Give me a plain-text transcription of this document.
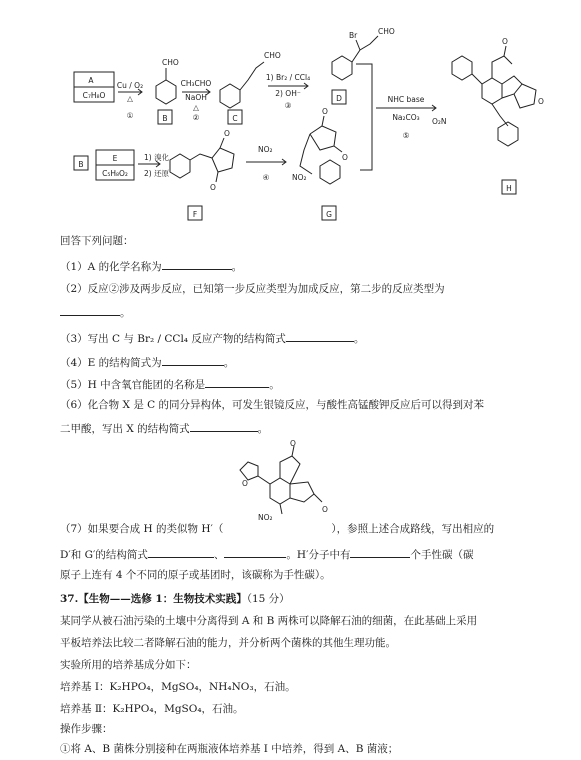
A
C₇H₈O
Cu / O₂
△
①	B
CHO
CH₃CHO
NaOH
△
②	C
CHO
1) Br₂ / CCl₄
2) OH⁻
③
D
Br	CHO
NHC base
Na₂CO₃
⑤
H
O₂N
O
O
B
E
C₅H₈O₂
1) 溴化
2) 还原
F
O
O
NO₂
④
G
O
O
NO₂
回答下列问题：
（1）A 的化学名称为	。
（2）反应②涉及两步反应，已知第一步反应类型为加成反应，第二步的反应类型为
。
（3）写出 C 与 Br₂ / CCl₄ 反应产物的结构简式	。
（4）E 的结构简式为	。
（5）H 中含氧官能团的名称是	。
（6）化合物 X 是 C 的同分异构体，可发生银镜反应，与酸性高锰酸钾反应后可以得到对苯
二甲酸，写出 X 的结构简式	。
O
O
O
NO₂
（7）如果要合成 H 的类似物 H′（	），参照上述合成路线，写出相应的
D′和 G′的结构简式	、	。H′分子中有	个手性碳（碳
原子上连有 4 个不同的原子或基团时，该碳称为手性碳）。
37.【生物——选修 1：生物技术实践】（15 分）
某同学从被石油污染的土壤中分离得到 A 和 B 两株可以降解石油的细菌，在此基础上采用
平板培养法比较二者降解石油的能力，并分析两个菌株的其他生理功能。
实验所用的培养基成分如下：
培养基 Ⅰ：K₂HPO₄，MgSO₄，NH₄NO₃，石油。
培养基 Ⅱ：K₂HPO₄，MgSO₄，石油。
操作步骤：
①将 A、B 菌株分别接种在两瓶液体培养基 Ⅰ 中培养，得到 A、B 菌液；
